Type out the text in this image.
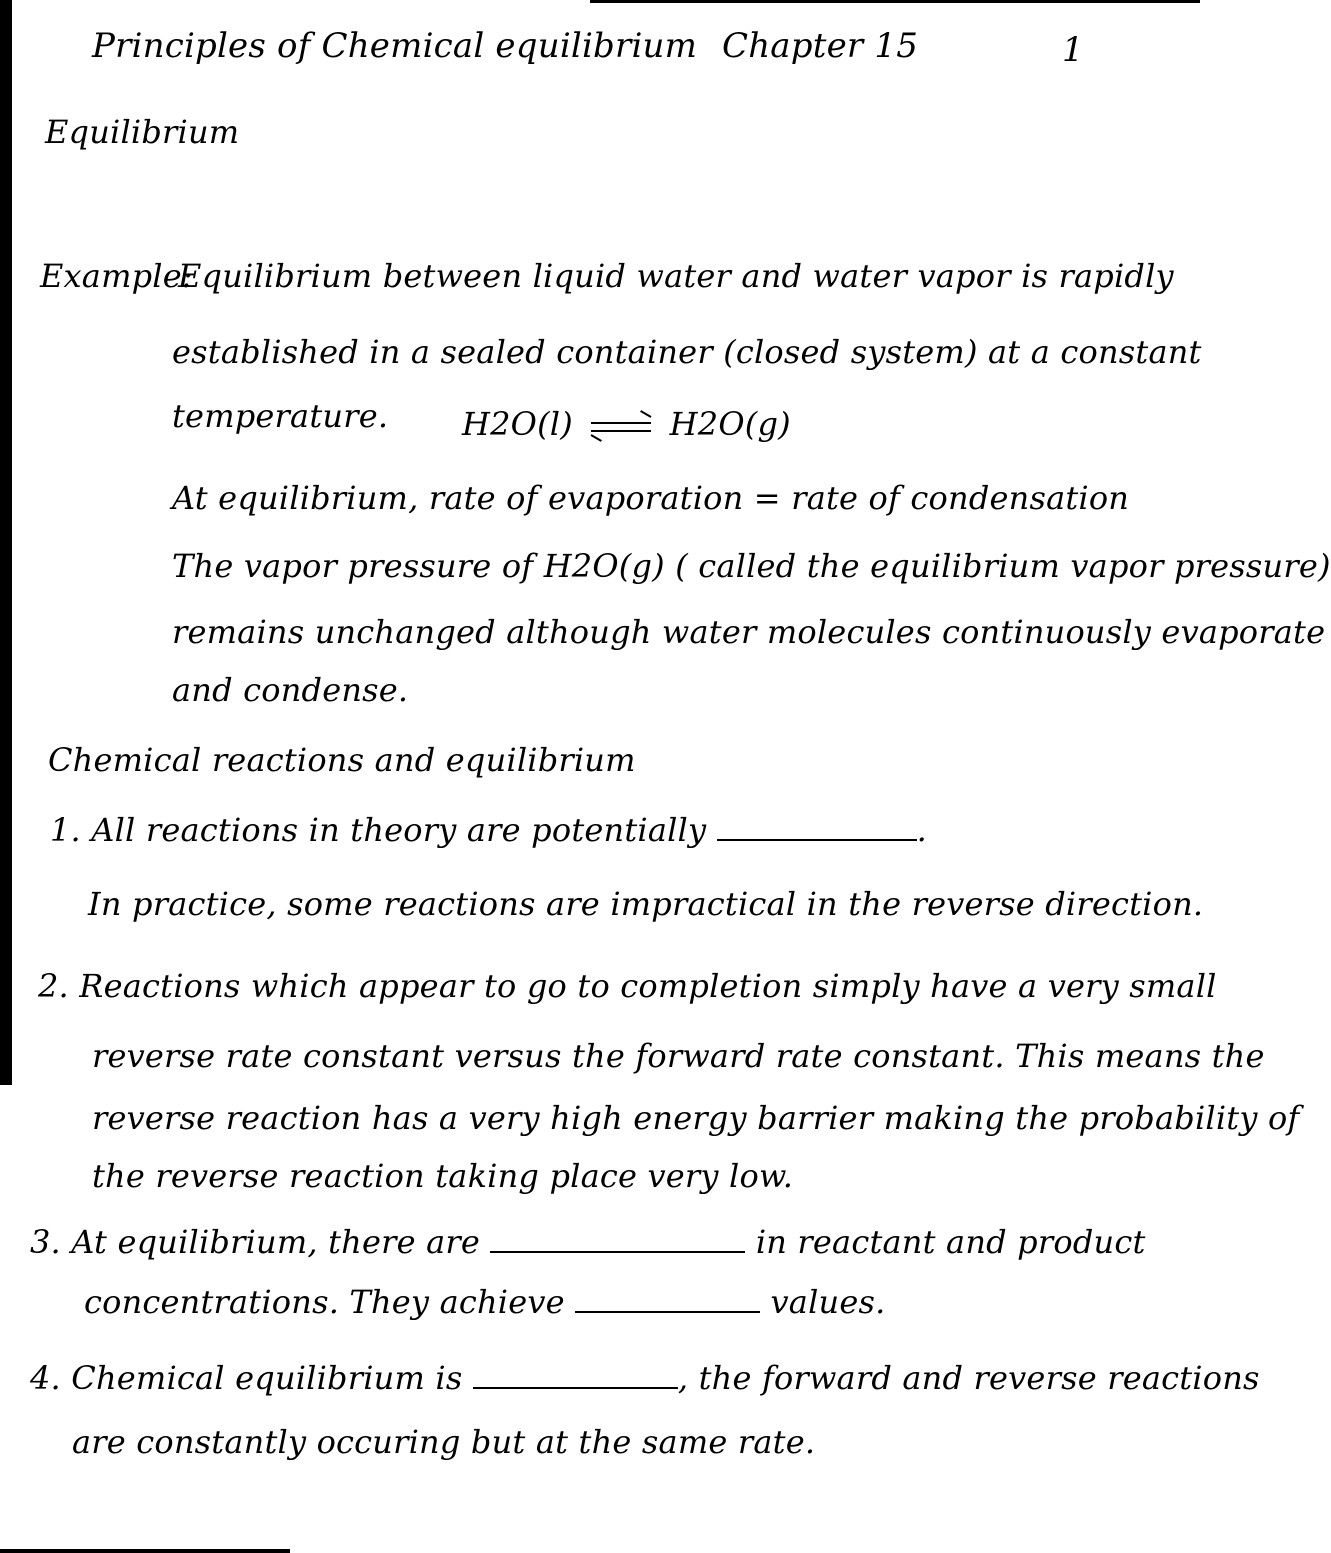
Principles of Chemical equilibrium Chapter 15	1
Equilibrium
Example:
Equilibrium between liquid water and water vapor is rapidly
established in a sealed container (closed system) at a constant
temperature. H2O(l)	H2O(g)
At equilibrium, rate of evaporation = rate of condensation
The vapor pressure of H2O(g) ( called the equilibrium vapor pressure)
remains unchanged although water molecules continuously evaporate
and condense.
Chemical reactions and equilibrium
1. All reactions in theory are potentially	.
In practice, some reactions are impractical in the reverse direction.
2. Reactions which appear to go to completion simply have a very small
reverse rate constant versus the forward rate constant. This means the
reverse reaction has a very high energy barrier making the probability of
the reverse reaction taking place very low.
3. At equilibrium, there are	in reactant and product
concentrations. They achieve	values.
4. Chemical equilibrium is	, the forward and reverse reactions
are constantly occuring but at the same rate.
